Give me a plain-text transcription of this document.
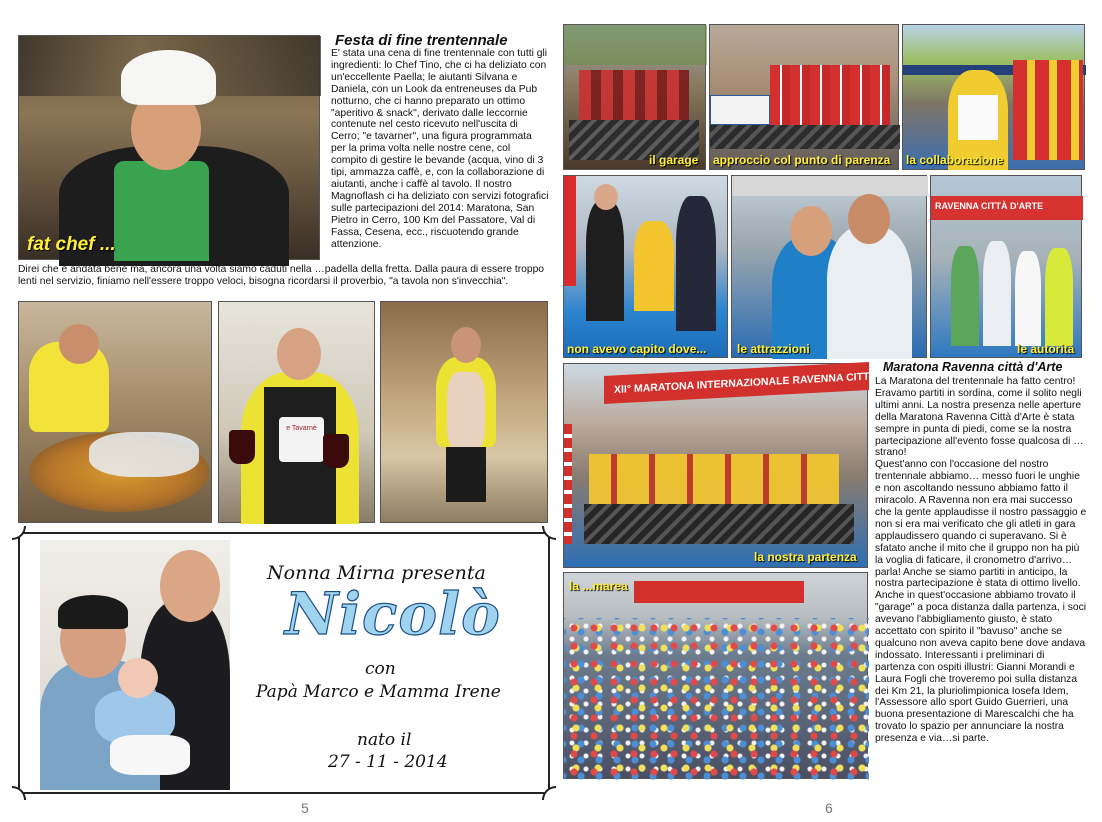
fat chef ...
Festa di fine trentennale
E' stata una cena di fine trentennale con tutti gli ingredienti: lo Chef Tino, che ci ha deliziato con un'eccellente Paella; le aiutanti Silvana e Daniela, con un Look da entreneuses da Pub notturno, che ci hanno preparato un ottimo "aperitivo & snack", derivato dalle leccornie contenute nel cesto ricevuto nell'uscita di Cerro; "e tavarner", una figura programmata per la prima volta nelle nostre cene, col compito di gestire le bevande (acqua, vino di 3 tipi, ammazza caffè, e, con la collaborazione di aiutanti, anche i caffè al tavolo. Il nostro Magnoflash ci ha deliziato con servizi fotografici sulle partecipazioni del 2014: Maratona, San Pietro in Cerro, 100 Km del Passatore, Val di Fassa, Cesena, ecc., riscuotendo grande attenzione.
Direi che è andata bene ma, ancora una volta siamo caduti nella …padella della fretta. Dalla paura di essere troppo lenti nel servizio, finiamo nell'essere troppo veloci, bisogna ricordarsi il proverbio, "a tavola non s'invecchia".
e Tavarnè
Nonna Mirna presenta
Nicolò
con
Papà Marco e Mamma Irene
nato il
27 - 11 - 2014
5
il garage approccio col punto di parenza la collaborazione
non avevo capito dove...	le attrazzioni
RAVENNA CITTÀ D'ARTE
le autorità
XII° MARATONA INTERNAZIONALE RAVENNA CITTÀ D'ARTE
la nostra partenza
la ...marea
Maratona Ravenna città d'Arte

La Maratona del trentennale ha fatto centro! Eravamo partiti in sordina, come il solito negli ultimi anni. La nostra presenza nelle aperture della Maratona Ravenna Città d'Arte è stata sempre in punta di piedi, come se la nostra partecipazione all'evento fosse qualcosa di … strano!

Quest'anno con l'occasione del nostro trentennale abbiamo… messo fuori le unghie e non ascoltando nessuno abbiamo fatto il miracolo. A Ravenna non era mai successo che la gente applaudisse il nostro passaggio e non si era mai verificato che gli atleti in gara applaudissero quando ci superavano. Si è sfatato anche il mito che il gruppo non ha più la voglia di faticare, il cronometro d'arrivo… parla! Anche se siamo partiti in anticipo, la nostra partecipazione è stata di ottimo livello. Anche in quest'occasione abbiamo trovato il "garage" a poca distanza dalla partenza, i soci avevano l'abbigliamento giusto, è stato accettato con spirito il "bavuso" anche se qualcuno non aveva capito bene dove andava indossato. Interessanti i preliminari di partenza con ospiti illustri: Gianni Morandi e Laura Fogli che troveremo poi sulla distanza dei Km 21, la pluriolimpionica Iosefa Idem, l'Assessore allo sport Guido Guerrieri, una buona presentazione di Marescalchi che ha trovato lo spazio per annunciare la nostra presenza e via…si parte.

6
